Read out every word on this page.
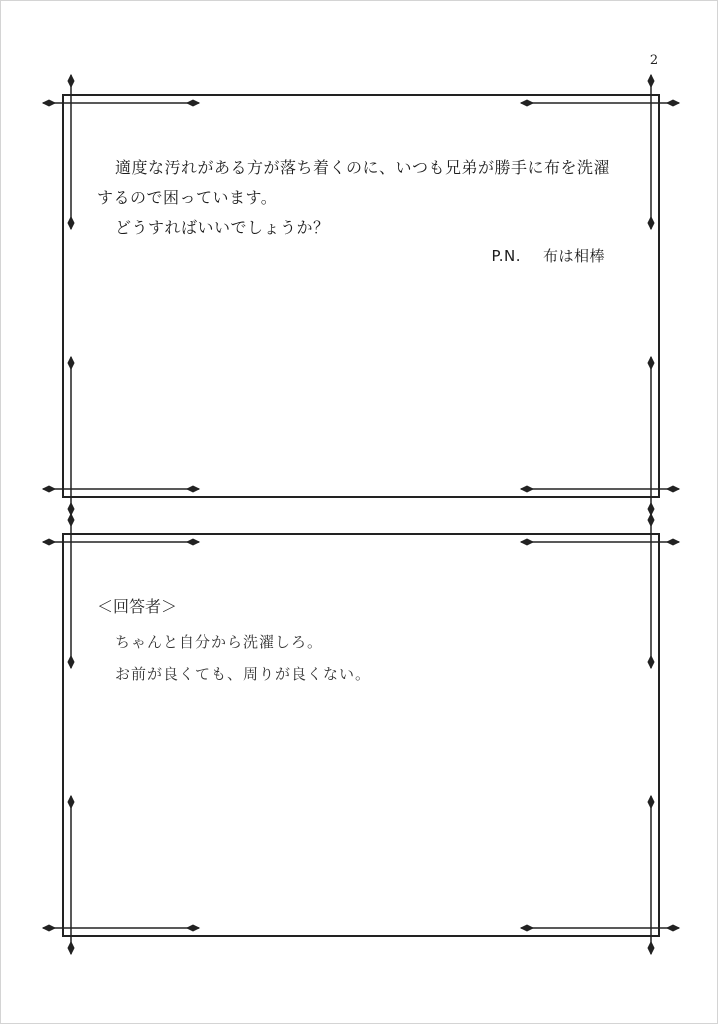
2
適度な汚れがある方が落ち着くのに、いつも兄弟が勝手に布を洗濯
するので困っています。
どうすればいいでしょうか？
P.N. 布は相棒
＜回答者＞
ちゃんと自分から洗濯しろ。
お前が良くても、周りが良くない。
